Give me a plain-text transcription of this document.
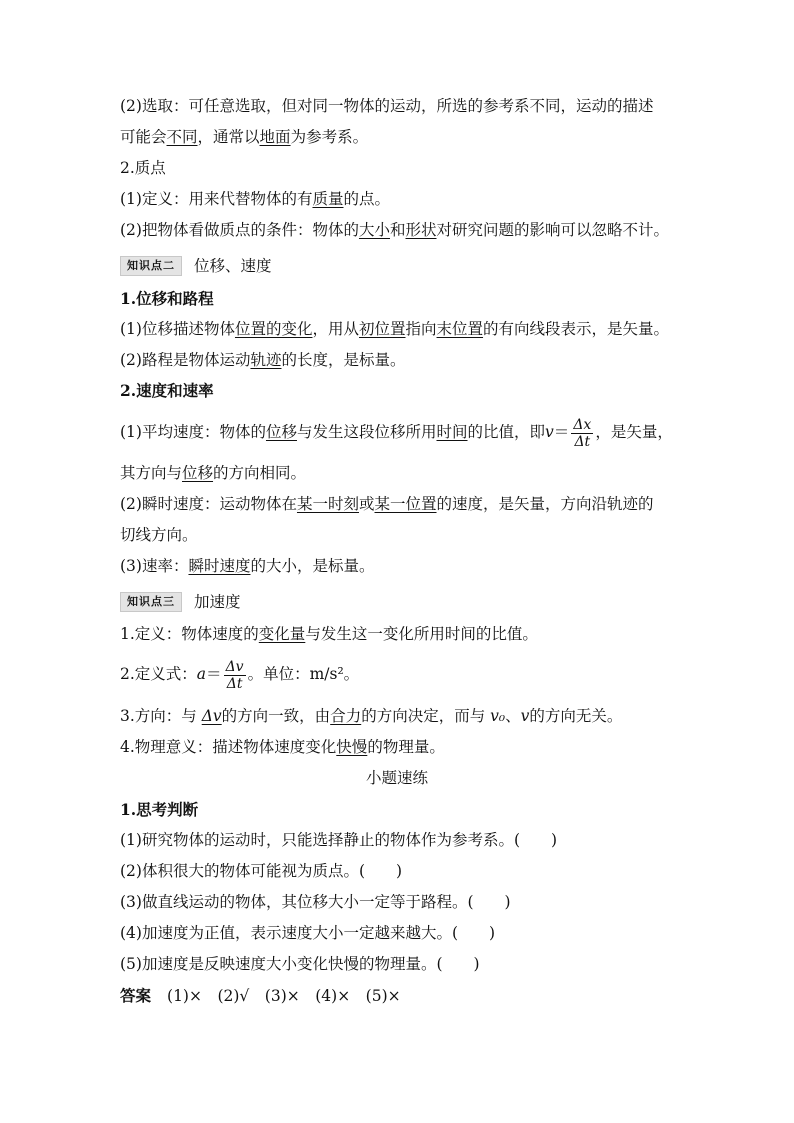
(2)选取：可任意选取，但对同一物体的运动，所选的参考系不同，运动的描述
可能会不同，通常以地面为参考系。
2.质点
(1)定义：用来代替物体的有质量的点。
(2)把物体看做质点的条件：物体的大小和形状对研究问题的影响可以忽略不计。
知识点二 位移、速度
1.位移和路程
(1)位移描述物体位置的变化，用从初位置指向末位置的有向线段表示，是矢量。
(2)路程是物体运动轨迹的长度，是标量。
2.速度和速率
(1)平均速度：物体的位移与发生这段位移所用时间的比值，即$v= \frac{\Delta x}{\Delta t}$ ，是矢量，
其方向与位移的方向相同。
(2)瞬时速度：运动物体在某一时刻或某一位置的速度，是矢量，方向沿轨迹的
切线方向。
(3)速率：瞬时速度的大小，是标量。
知识点三 加速度
1.定义：物体速度的变化量与发生这一变化所用时间的比值。
2.定义式：$a= \frac{\Delta v}{\Delta t}$ 。单位：m/s²。
3.方向：与 Δv的方向一致，由合力的方向决定，而与 v₀、v的方向无关。
4.物理意义：描述物体速度变化快慢的物理量。
小题速练
1.思考判断
(1)研究物体的运动时，只能选择静止的物体作为参考系。(　　)
(2)体积很大的物体可能视为质点。(　　)
(3)做直线运动的物体，其位移大小一定等于路程。(　　)
(4)加速度为正值，表示速度大小一定越来越大。(　　)
(5)加速度是反映速度大小变化快慢的物理量。(　　)
答案 (1)×　(2)√　(3)×　(4)×　(5)×
